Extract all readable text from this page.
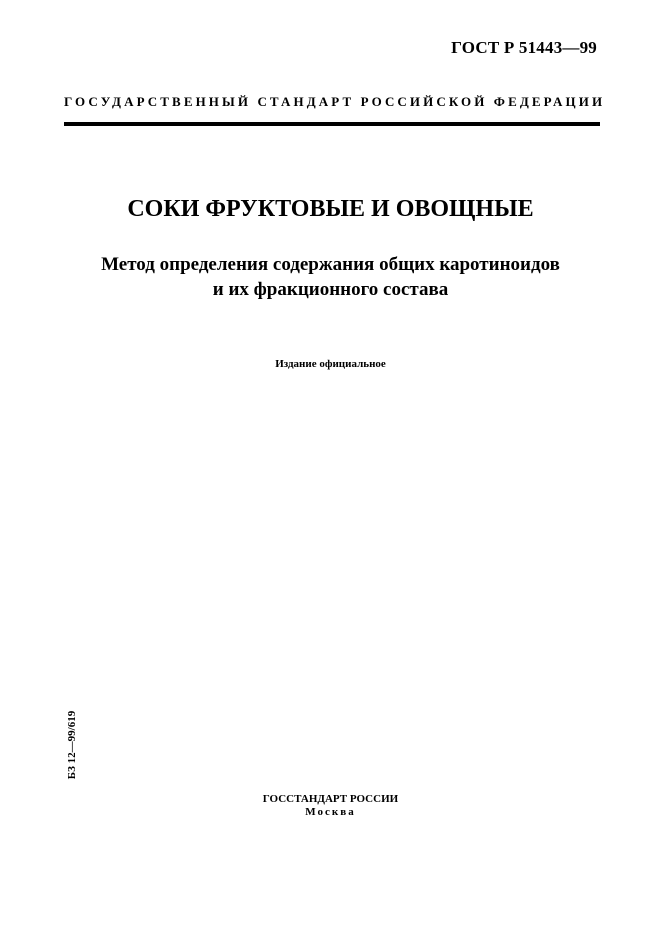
ГОСТ Р 51443—99
ГОСУДАРСТВЕННЫЙ СТАНДАРТ РОССИЙСКОЙ ФЕДЕРАЦИИ
СОКИ ФРУКТОВЫЕ И ОВОЩНЫЕ
Метод определения содержания общих каротиноидов
и их фракционного состава
Издание официальное
БЗ 12—99/619
ГОССТАНДАРТ РОССИИ
Москва
